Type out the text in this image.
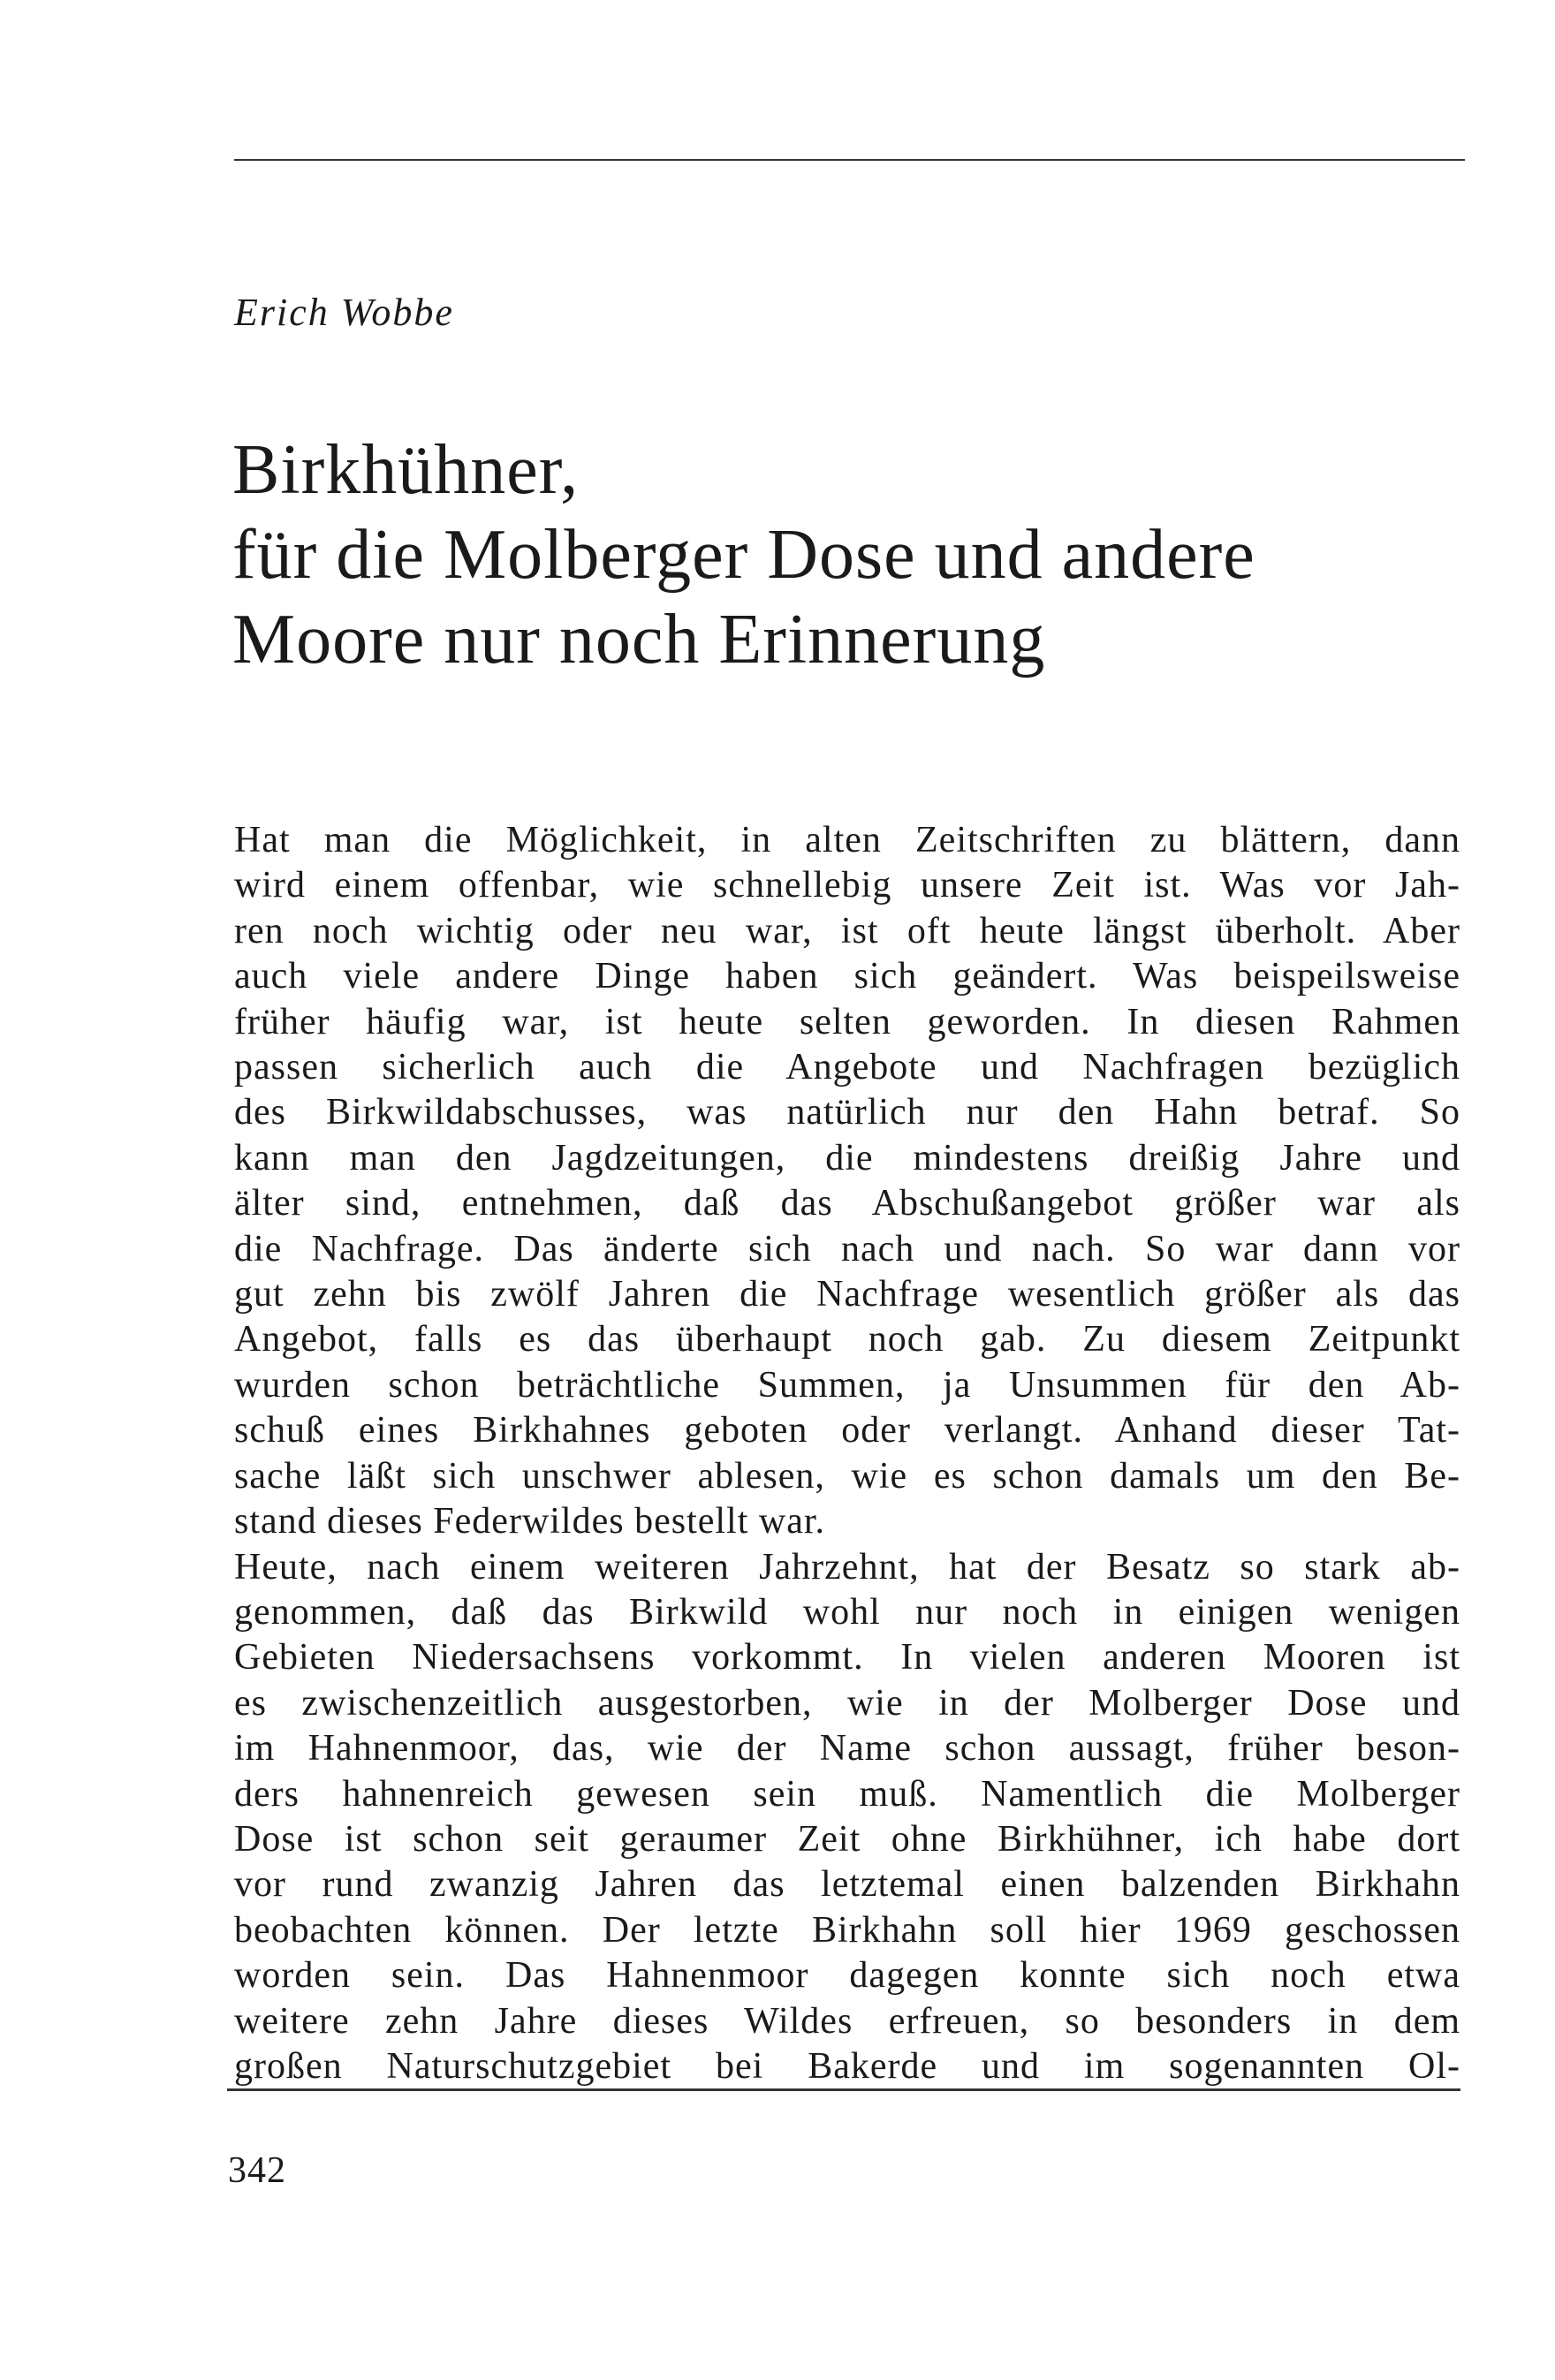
Erich Wobbe
Birkhühner,
für die Molberger Dose und andere
Moore nur noch Erinnerung
Hat man die Möglichkeit, in alten Zeitschriften zu blättern, dann
wird einem offenbar, wie schnellebig unsere Zeit ist. Was vor Jah-
ren noch wichtig oder neu war, ist oft heute längst überholt. Aber
auch viele andere Dinge haben sich geändert. Was beispeilsweise
früher häufig war, ist heute selten geworden. In diesen Rahmen
passen sicherlich auch die Angebote und Nachfragen bezüglich
des Birkwildabschusses, was natürlich nur den Hahn betraf. So
kann man den Jagdzeitungen, die mindestens dreißig Jahre und
älter sind, entnehmen, daß das Abschußangebot größer war als
die Nachfrage. Das änderte sich nach und nach. So war dann vor
gut zehn bis zwölf Jahren die Nachfrage wesentlich größer als das
Angebot, falls es das überhaupt noch gab. Zu diesem Zeitpunkt
wurden schon beträchtliche Summen, ja Unsummen für den Ab-
schuß eines Birkhahnes geboten oder verlangt. Anhand dieser Tat-
sache läßt sich unschwer ablesen, wie es schon damals um den Be-
stand dieses Federwildes bestellt war.
Heute, nach einem weiteren Jahrzehnt, hat der Besatz so stark ab-
genommen, daß das Birkwild wohl nur noch in einigen wenigen
Gebieten Niedersachsens vorkommt. In vielen anderen Mooren ist
es zwischenzeitlich ausgestorben, wie in der Molberger Dose und
im Hahnenmoor, das, wie der Name schon aussagt, früher beson-
ders hahnenreich gewesen sein muß. Namentlich die Molberger
Dose ist schon seit geraumer Zeit ohne Birkhühner, ich habe dort
vor rund zwanzig Jahren das letztemal einen balzenden Birkhahn
beobachten können. Der letzte Birkhahn soll hier 1969 geschossen
worden sein. Das Hahnenmoor dagegen konnte sich noch etwa
weitere zehn Jahre dieses Wildes erfreuen, so besonders in dem
großen Naturschutzgebiet bei Bakerde und im sogenannten Ol-
342
